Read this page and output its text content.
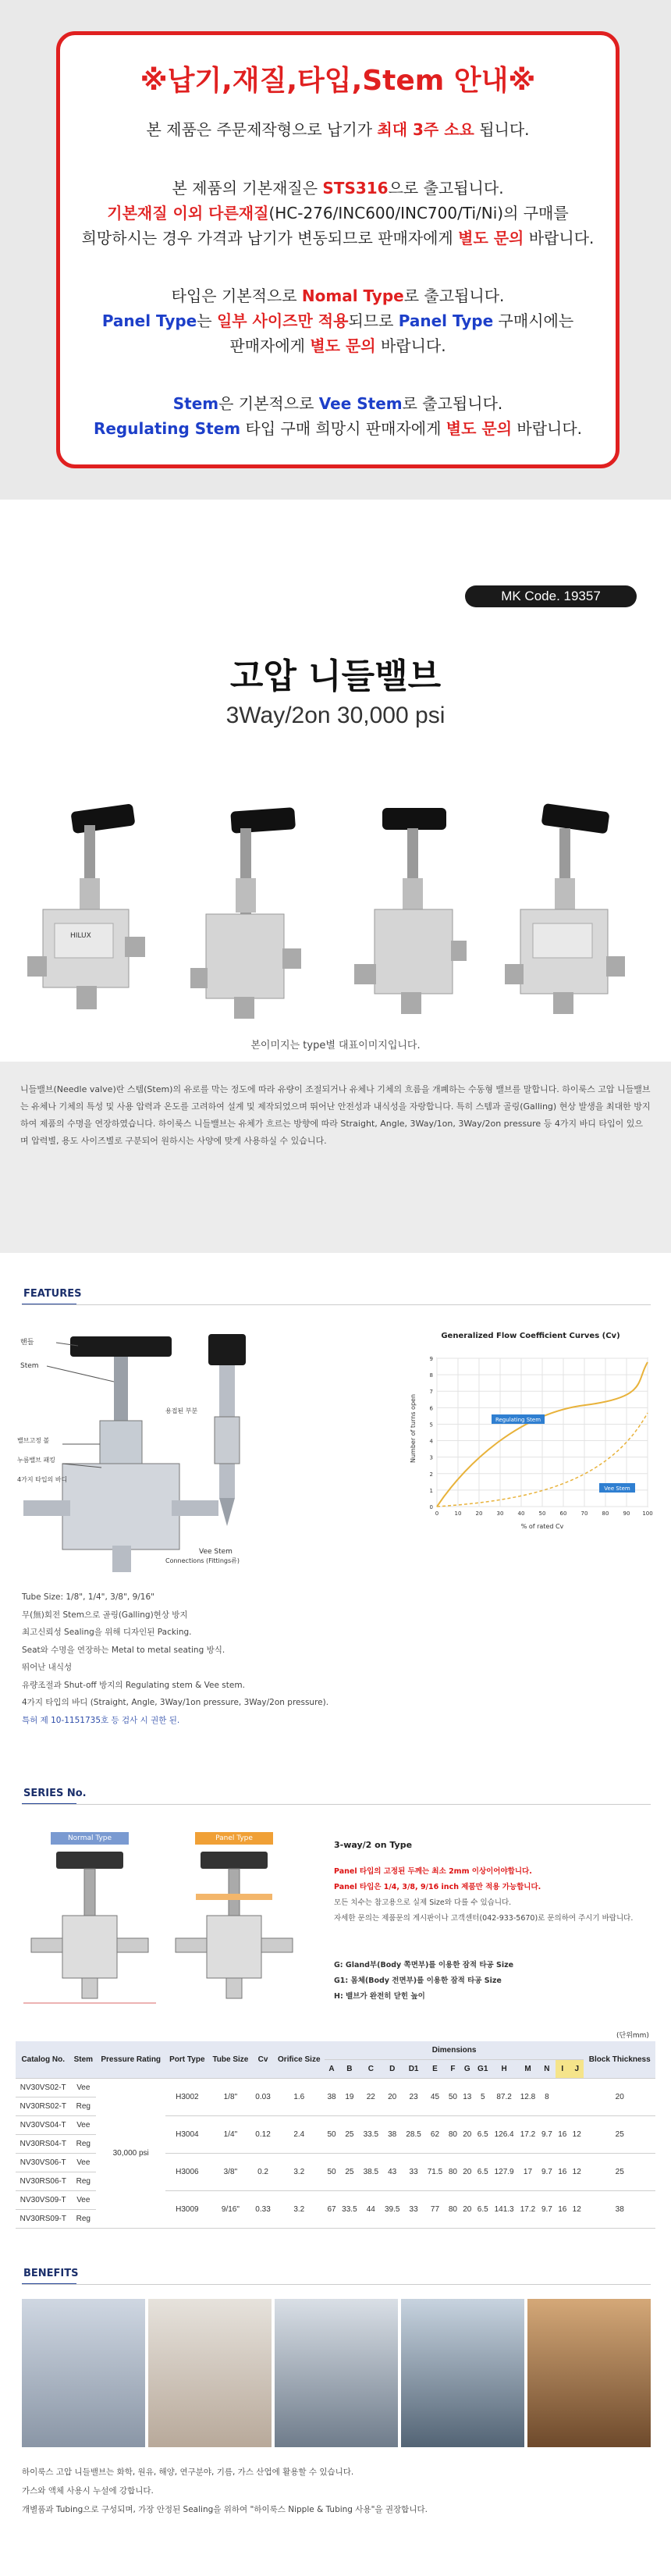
※납기,재질,타입,Stem 안내※
본 제품은 주문제작형으로 납기가 최대 3주 소요 됩니다.
본 제품의 기본재질은 STS316으로 출고됩니다.
기본재질 이외 다른재질(HC-276/INC600/INC700/Ti/Ni)의 구매를
희망하시는 경우 가격과 납기가 변동되므로 판매자에게 별도 문의 바랍니다.
타입은 기본적으로 Nomal Type로 출고됩니다.
Panel Type는 일부 사이즈만 적용되므로 Panel Type 구매시에는
판매자에게 별도 문의 바랍니다.
Stem은 기본적으로 Vee Stem로 출고됩니다.
Regulating Stem 타입 구매 희망시 판매자에게 별도 문의 바랍니다.
MK Code. 19357
고압 니들밸브
3Way/2on 30,000 psi
HILUX
본이미지는 type별 대표이미지입니다.
니들밸브(Needle valve)란 스템(Stem)의 유로를 막는 정도에 따라 유량이 조절되거나 유체나 기체의 흐름을 개폐하는 수동형 밸브를 말합니다. 하이룩스 고압 니들밸브는 유체나 기체의 특성 및 사용 압력과 온도를 고려하여 설계 및 제작되었으며 뛰어난 안전성과 내식성을 자랑합니다. 특히 스템과 골링(Galling) 현상 발생을 최대한 방지하여 제품의 수명을 연장하였습니다. 하이룩스 니들밸브는 유체가 흐르는 방향에 따라 Straight, Angle, 3Way/1on, 3Way/2on pressure 등 4가지 바디 타입이 있으며 압력별, 용도 사이즈별로 구분되어 원하시는 사양에 맞게 사용하실 수 있습니다.
FEATURES
핸들
Stem
밸브고정 볼
누름밸브 패킹
4가지 타입의 바디
Connections (Fittings류)
용접된 부분
Vee Stem
Generalized Flow Coefficient Curves (Cv)
0	10	20	30	40	50	60	70	80	90 100
0
1
2
3
4
5
6
7
8
9
Regulating Stem
Vee Stem
Number of turns open
% of rated Cv
Tube Size: 1/8", 1/4", 3/8", 9/16"
무(無)회전 Stem으로 골링(Galling)현상 방지
최고신뢰성 Sealing을 위해 디자인된 Packing.
Seat와 수명을 연장하는 Metal to metal seating 방식.
뛰어난 내식성
유량조절과 Shut-off 방지의 Regulating stem & Vee stem.
4가지 타입의 바디 (Straight, Angle, 3Way/1on pressure, 3Way/2on pressure).
특허 제 10-1151735호 등 검사 시 권한 된.
SERIES No.
Normal Type	Panel Type
3-way/2 on Type
Panel 타입의 고정된 두께는 최소 2mm 이상이어야합니다.
Panel 타입은 1/4, 3/8, 9/16 inch 제품만 적용 가능합니다.
모든 치수는 참고용으로 실제 Size와 다를 수 있습니다.
자세한 문의는 제품문의 게시판이나 고객센터(042-933-5670)로 문의하여 주시기 바랍니다.
G: Gland부(Body 쪽면부)를 이용한 잠적 타공 Size
G1: 몸체(Body 전면부)를 이용한 잠적 타공 Size
H: 밸브가 완전히 닫힌 높이
(단위mm)
Catalog No.	Stem	Pressure Rating	Port Type	Tube Size	Cv	Orifice Size	Dimensions														Block Thickness
							A	B	C	D	D1	E	F	G	G1	H	M	N	I	J	
NV30VS02-T	Vee	30,000 psi	H3002	1/8"	0.03	1.6	38	19	22	20	23	45	50	13	5	87.2	12.8	8			20
NV30RS02-T	Reg																				
NV30VS04-T	Vee		H3004	1/4"	0.12	2.4	50	25	33.5	38	28.5	62	80	20	6.5	126.4	17.2	9.7	16	12	25
NV30RS04-T	Reg																				
NV30VS06-T	Vee		H3006	3/8"	0.2	3.2	50	25	38.5	43	33	71.5	80	20	6.5	127.9	17	9.7	16	12	25
NV30RS06-T	Reg																				
NV30VS09-T	Vee		H3009	9/16"	0.33	3.2	67	33.5	44	39.5	33	77	80	20	6.5	141.3	17.2	9.7	16	12	38
NV30RS09-T	Reg																				
BENEFITS
하이룩스 고압 니들밸브는 화학, 원유, 해양, 연구분야, 기름, 가스 산업에 활용할 수 있습니다.
가스와 액체 사용시 누설에 강합니다.
개별품과 Tubing으로 구성되며, 가장 안정된 Sealing을 위하여 "하이룩스 Nipple & Tubing 사용"을 권장합니다.
